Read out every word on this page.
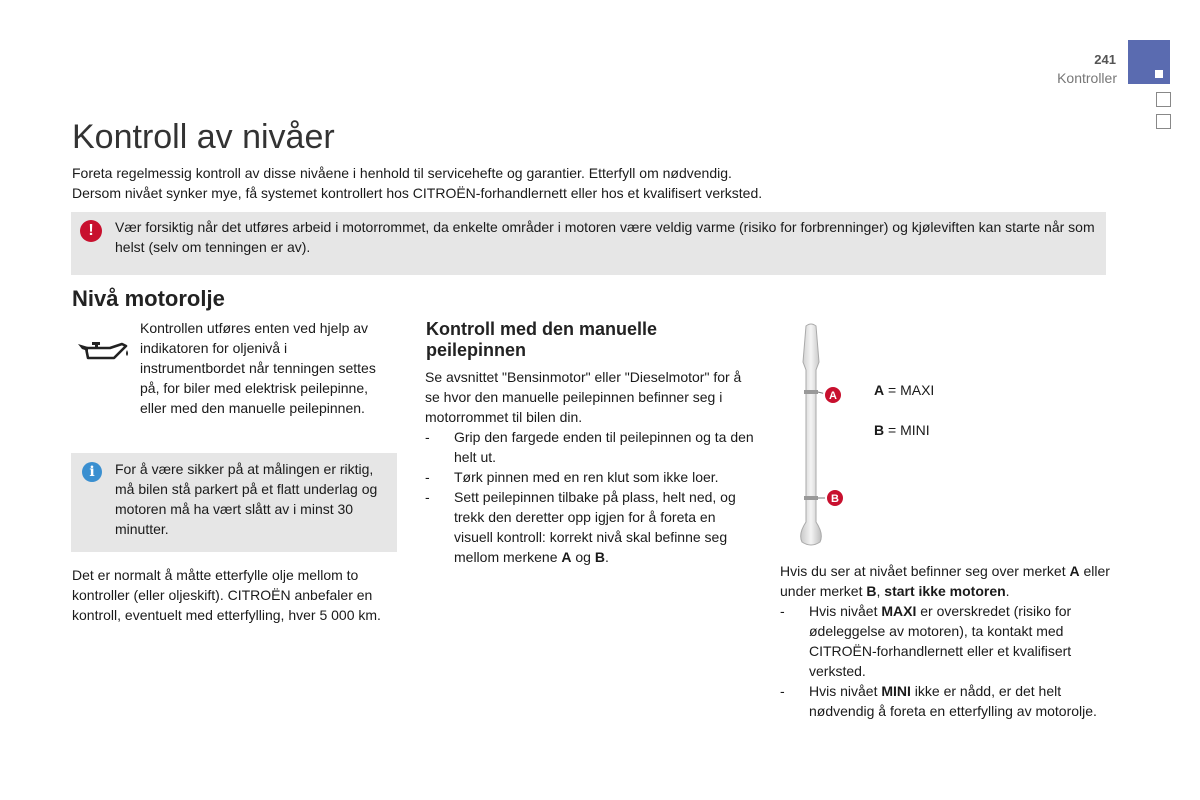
241
Kontroller
Kontroll av nivåer

Foreta regelmessig kontroll av disse nivåene i henhold til servicehefte og garantier. Etterfyll om nødvendig.

Dersom nivået synker mye, få systemet kontrollert hos CITROËN-forhandlernett eller hos et kvalifisert verksted.

!	Vær forsiktig når det utføres arbeid i motorrommet, da enkelte områder i motoren være veldig varme (risiko for forbrenninger) og kjøleviften kan starte når som helst (selv om tenningen er av).
Nivå motorolje
Kontrollen utføres enten ved hjelp av indikatoren for oljenivå i instrumentbordet når tenningen settes på, for biler med elektrisk peilepinne, eller med den manuelle peilepinnen.
i	For å være sikker på at målingen er riktig, må bilen stå parkert på et flatt underlag og motoren må ha vært slått av i minst 30 minutter.
Det er normalt å måtte etterfylle olje mellom to kontroller (eller oljeskift). CITROËN anbefaler en kontroll, eventuelt med etterfylling, hver 5 000 km.
Kontroll med den manuelle peilepinnen

Se avsnittet "Bensinmotor" eller "Dieselmotor" for å se hvor den manuelle peilepinnen befinner seg i motorrommet til bilen din.

- Grip den fargede enden til peilepinnen og ta den helt ut.
- Tørk pinnen med en ren klut som ikke loer.
- Sett peilepinnen tilbake på plass, helt ned, og trekk den deretter opp igjen for å foreta en visuell kontroll: korrekt nivå skal befinne seg mellom merkene A og B.
A
B
A = MAXI
B = MINI

Hvis du ser at nivået befinner seg over merket A eller under merket B, start ikke motoren.

- Hvis nivået MAXI er overskredet (risiko for ødeleggelse av motoren), ta kontakt med CITROËN-forhandlernett eller et kvalifisert verksted.
- Hvis nivået MINI ikke er nådd, er det helt nødvendig å foreta en etterfylling av motorolje.
